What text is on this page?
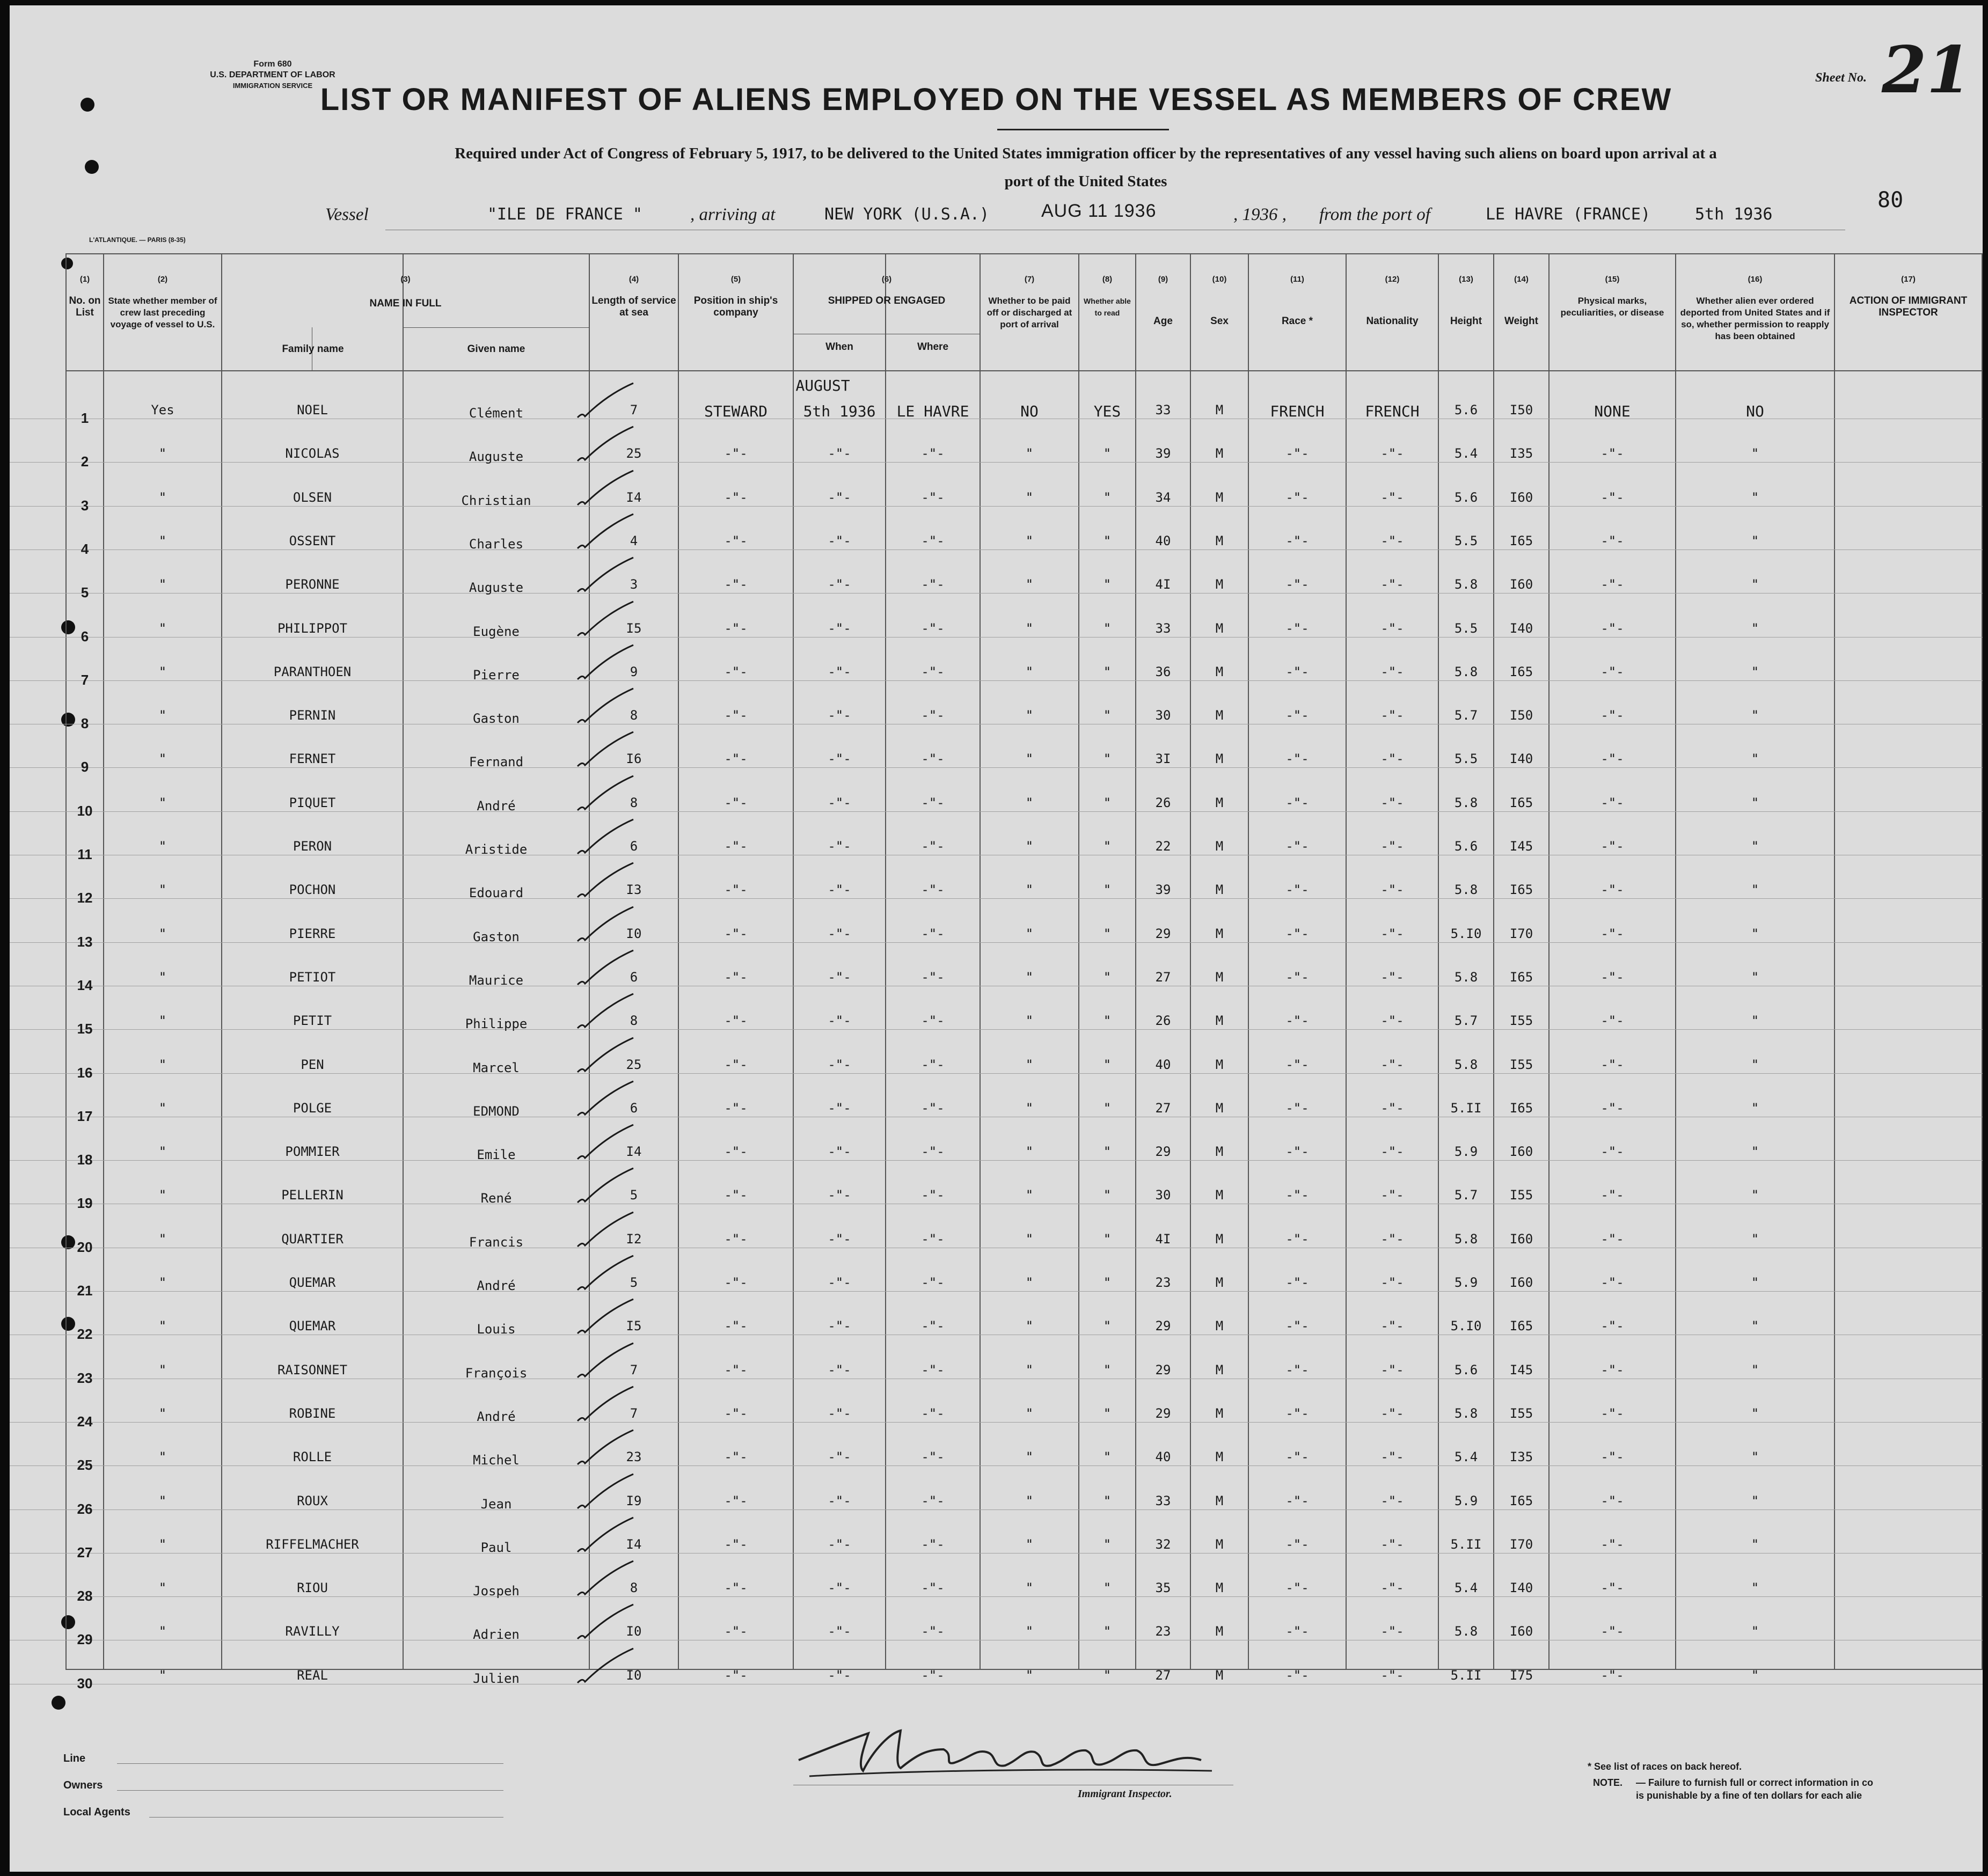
Form 680
U.S. DEPARTMENT OF LABOR
IMMIGRATION SERVICE
Sheet No. 21
LIST OR MANIFEST OF ALIENS EMPLOYED ON THE VESSEL AS MEMBERS OF CREW
Required under Act of Congress of February 5, 1917, to be delivered to the United States immigration officer by the representatives of any vessel having such aliens on board upon arrival at a
port of the United States
80
Vessel	"ILE DE FRANCE "	, arriving at	NEW YORK (U.S.A.)	AUG 11 1936	, 1936 , from the port of	LE HAVRE (FRANCE)	5th 1936
L'ATLANTIQUE. — PARIS (8-35)
(1)
No. on List
(2)
State whether member of crew last preceding voyage of vessel to U.S.
(3)
NAME IN FULL
(4)
Length of service at sea
(5)
Position in ship's company
(6)
SHIPPED OR ENGAGED
(7)
Whether to be paid off or discharged at port of arrival
(8)
Whether able to read
(9)
Age
(10)
Sex
(11)
Race *
(12)
Nationality
(13)
Height
(14)
Weight
(15)
Physical marks, peculiarities, or disease
(16)
Whether alien ever ordered deported from United States and if so, whether permission to reapply has been obtained
(17)
ACTION OF IMMIGRANT INSPECTOR
Family name	Given name	When	Where
1	Yes	NOEL	Clément	7	STEWARD	5th 1936	LE HAVRE	NO	YES	33	M	FRENCH	FRENCH	5.6	I50	NONE	NO
2	"	NICOLAS	Auguste	25	-"-	-"-	-"-	"	"	39	M	-"-	-"-	5.4	I35	-"-	"
3	"	OLSEN	Christian	I4	-"-	-"-	-"-	"	"	34	M	-"-	-"-	5.6	I60	-"-	"
4	"	OSSENT	Charles	4	-"-	-"-	-"-	"	"	40	M	-"-	-"-	5.5	I65	-"-	"
5	"	PERONNE	Auguste	3	-"-	-"-	-"-	"	"	4I	M	-"-	-"-	5.8	I60	-"-	"
6	"	PHILIPPOT	Eugène	I5	-"-	-"-	-"-	"	"	33	M	-"-	-"-	5.5	I40	-"-	"
7	"	PARANTHOEN	Pierre	9	-"-	-"-	-"-	"	"	36	M	-"-	-"-	5.8	I65	-"-	"
8	"	PERNIN	Gaston	8	-"-	-"-	-"-	"	"	30	M	-"-	-"-	5.7	I50	-"-	"
9	"	FERNET	Fernand	I6	-"-	-"-	-"-	"	"	3I	M	-"-	-"-	5.5	I40	-"-	"
10	"	PIQUET	André	8	-"-	-"-	-"-	"	"	26	M	-"-	-"-	5.8	I65	-"-	"
11	"	PERON	Aristide	6	-"-	-"-	-"-	"	"	22	M	-"-	-"-	5.6	I45	-"-	"
12	"	POCHON	Edouard	I3	-"-	-"-	-"-	"	"	39	M	-"-	-"-	5.8	I65	-"-	"
13	"	PIERRE	Gaston	I0	-"-	-"-	-"-	"	"	29	M	-"-	-"-	5.I0	I70	-"-	"
14	"	PETIOT	Maurice	6	-"-	-"-	-"-	"	"	27	M	-"-	-"-	5.8	I65	-"-	"
15	"	PETIT	Philippe	8	-"-	-"-	-"-	"	"	26	M	-"-	-"-	5.7	I55	-"-	"
16	"	PEN	Marcel	25	-"-	-"-	-"-	"	"	40	M	-"-	-"-	5.8	I55	-"-	"
17	"	POLGE	EDMOND	6	-"-	-"-	-"-	"	"	27	M	-"-	-"-	5.II	I65	-"-	"
18	"	POMMIER	Emile	I4	-"-	-"-	-"-	"	"	29	M	-"-	-"-	5.9	I60	-"-	"
19	"	PELLERIN	René	5	-"-	-"-	-"-	"	"	30	M	-"-	-"-	5.7	I55	-"-	"
20	"	QUARTIER	Francis	I2	-"-	-"-	-"-	"	"	4I	M	-"-	-"-	5.8	I60	-"-	"
21	"	QUEMAR	André	5	-"-	-"-	-"-	"	"	23	M	-"-	-"-	5.9	I60	-"-	"
22	"	QUEMAR	Louis	I5	-"-	-"-	-"-	"	"	29	M	-"-	-"-	5.I0	I65	-"-	"
23	"	RAISONNET	François	7	-"-	-"-	-"-	"	"	29	M	-"-	-"-	5.6	I45	-"-	"
24	"	ROBINE	André	7	-"-	-"-	-"-	"	"	29	M	-"-	-"-	5.8	I55	-"-	"
25	"	ROLLE	Michel	23	-"-	-"-	-"-	"	"	40	M	-"-	-"-	5.4	I35	-"-	"
26	"	ROUX	Jean	I9	-"-	-"-	-"-	"	"	33	M	-"-	-"-	5.9	I65	-"-	"
27	"	RIFFELMACHER	Paul	I4	-"-	-"-	-"-	"	"	32	M	-"-	-"-	5.II	I70	-"-	"
28	"	RIOU	Jospeh	8	-"-	-"-	-"-	"	"	35	M	-"-	-"-	5.4	I40	-"-	"
29	"	RAVILLY	Adrien	I0	-"-	-"-	-"-	"	"	23	M	-"-	-"-	5.8	I60	-"-	"
30	"	REAL	Julien	I0	-"-	-"-	-"-	"	"	27	M	-"-	-"-	5.II	I75	-"-	"
AUGUST
Line
Owners
Local Agents
Immigrant Inspector.
* See list of races on back hereof.
NOTE. — Failure to furnish full or correct information in co
is punishable by a fine of ten dollars for each alie
